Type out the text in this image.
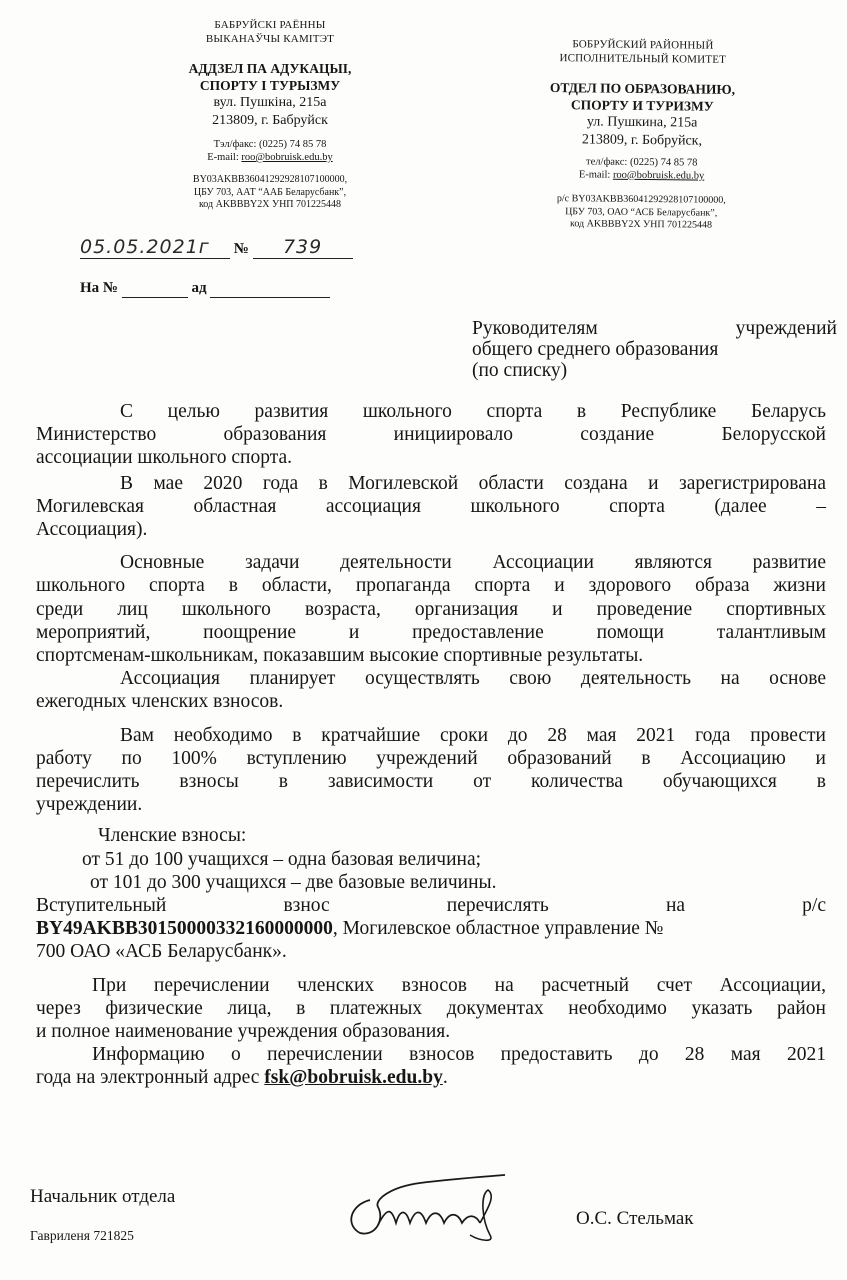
БАБРУЙСКІ РАЁННЫ
ВЫКАНАЎЧЫ КАМІТЭТ
АДДЗЕЛ ПА АДУКАЦЫІ,
СПОРТУ І ТУРЫЗМУ
вул. Пушкіна, 215а
213809, г. Бабруйск
Тэл/факс: (0225) 74 85 78
E-mail: roo@bobruisk.edu.by
BY03AKBB36041292928107100000,
ЦБУ 703, ААТ “ААБ Беларусбанк”,
код AKBBBY2X УНП 701225448
БОБРУЙСКИЙ РАЙОННЫЙ
ИСПОЛНИТЕЛЬНЫЙ КОМИТЕТ
ОТДЕЛ ПО ОБРАЗОВАНИЮ,
СПОРТУ И ТУРИЗМУ
ул. Пушкина, 215а
213809, г. Бобруйск,
тел/факс: (0225) 74 85 78
E-mail: roo@bobruisk.edu.by
р/с BY03AKBB36041292928107100000,
ЦБУ 703, ОАО “АСБ Беларусбанк”,
код AKBBBY2X УНП 701225448
05.05.2021г № 739
На №	ад
Руководителям	учреждений
общего среднего образования
(по списку)

С целью развития школьного спорта в Республике Беларусь

Министерство образования инициировало создание Белорусской

ассоциации школьного спорта.

В мае 2020 года в Могилевской области создана и зарегистрирована

Могилевская областная ассоциация школьного спорта (далее –

Ассоциация).

Основные задачи деятельности Ассоциации являются развитие

школьного спорта в области, пропаганда спорта и здорового образа жизни

среди лиц школьного возраста, организация и проведение спортивных

мероприятий, поощрение и предоставление помощи талантливым

спортсменам-школьникам, показавшим высокие спортивные результаты.

Ассоциация планирует осуществлять свою деятельность на основе

ежегодных членских взносов.

Вам необходимо в кратчайшие сроки до 28 мая 2021 года провести

работу по 100% вступлению учреждений образований в Ассоциацию и

перечислить взносы в зависимости от количества обучающихся в

учреждении.

Членские взносы:

от 51 до 100 учащихся – одна базовая величина;

от 101 до 300 учащихся – две базовые величины.

Вступительный взнос перечислять на р/с

BY49AKBB30150000332160000000, Могилевское областное управление №

700 ОАО «АСБ Беларусбанк».

При перечислении членских взносов на расчетный счет Ассоциации,

через физические лица, в платежных документах необходимо указать район

и полное наименование учреждения образования.

Информацию о перечислении взносов предоставить до 28 мая 2021

года на электронный адрес fsk@bobruisk.edu.by.

Начальник отдела
О.С. Стельмак
Гавриленя 721825
